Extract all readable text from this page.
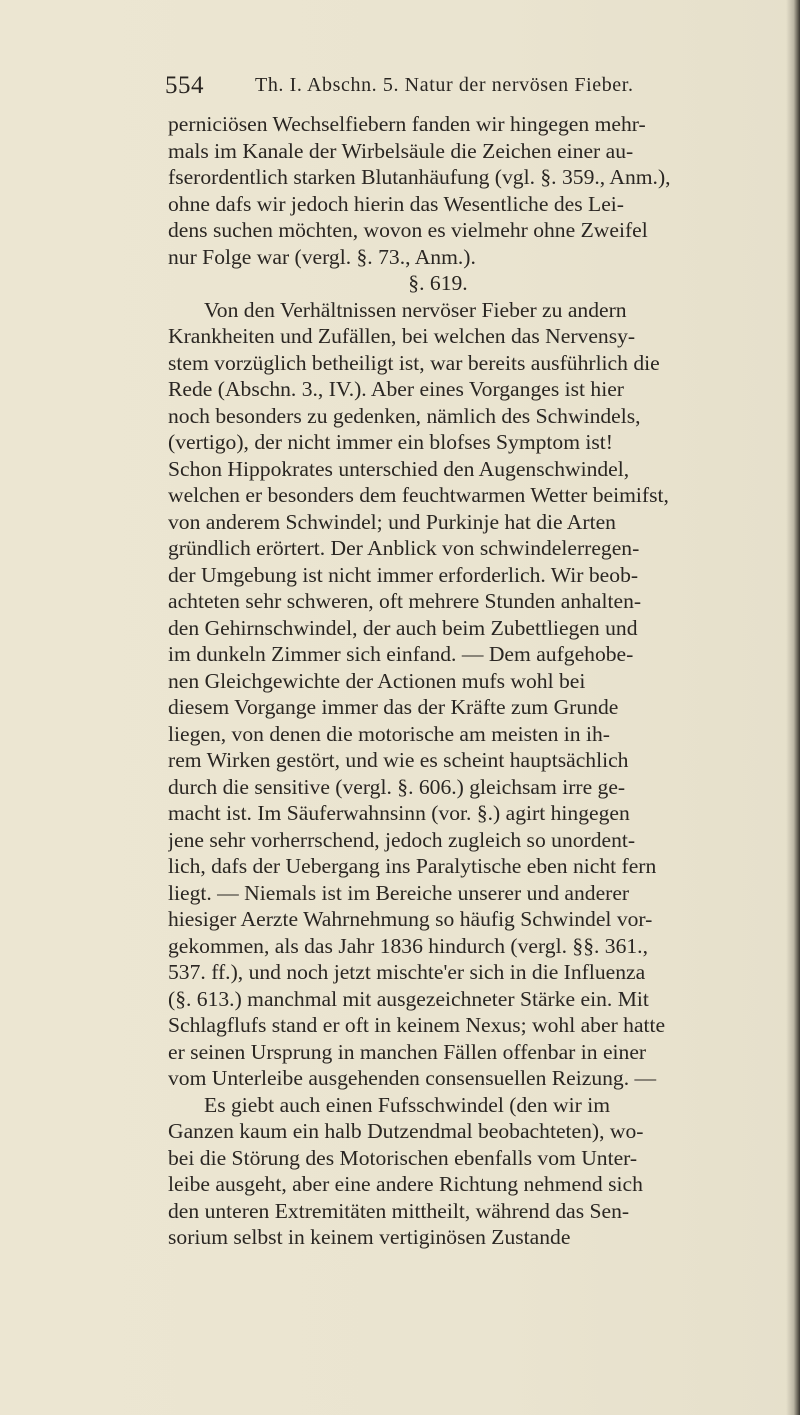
554	Th. I. Abschn. 5. Natur der nervösen Fieber.
perniciösen Wechselfiebern fanden wir hingegen mehr-
mals im Kanale der Wirbelsäule die Zeichen einer au-
fserordentlich starken Blutanhäufung (vgl. §. 359., Anm.),
ohne dafs wir jedoch hierin das Wesentliche des Lei-
dens suchen möchten, wovon es vielmehr ohne Zweifel
nur Folge war (vergl. §. 73., Anm.).
§. 619.
Von den Verhältnissen nervöser Fieber zu andern
Krankheiten und Zufällen, bei welchen das Nervensy-
stem vorzüglich betheiligt ist, war bereits ausführlich die
Rede (Abschn. 3., IV.). Aber eines Vorganges ist hier
noch besonders zu gedenken, nämlich des Schwindels,
(vertigo), der nicht immer ein blofses Symptom ist!
Schon Hippokrates unterschied den Augenschwindel,
welchen er besonders dem feuchtwarmen Wetter beimifst,
von anderem Schwindel; und Purkinje hat die Arten
gründlich erörtert. Der Anblick von schwindelerregen-
der Umgebung ist nicht immer erforderlich. Wir beob-
achteten sehr schweren, oft mehrere Stunden anhalten-
den Gehirnschwindel, der auch beim Zubettliegen und
im dunkeln Zimmer sich einfand. — Dem aufgehobe-
nen Gleichgewichte der Actionen mufs wohl bei
diesem Vorgange immer das der Kräfte zum Grunde
liegen, von denen die motorische am meisten in ih-
rem Wirken gestört, und wie es scheint hauptsächlich
durch die sensitive (vergl. §. 606.) gleichsam irre ge-
macht ist. Im Säuferwahnsinn (vor. §.) agirt hingegen
jene sehr vorherrschend, jedoch zugleich so unordent-
lich, dafs der Uebergang ins Paralytische eben nicht fern
liegt. — Niemals ist im Bereiche unserer und anderer
hiesiger Aerzte Wahrnehmung so häufig Schwindel vor-
gekommen, als das Jahr 1836 hindurch (vergl. §§. 361.,
537. ff.), und noch jetzt mischte'er sich in die Influenza
(§. 613.) manchmal mit ausgezeichneter Stärke ein. Mit
Schlagflufs stand er oft in keinem Nexus; wohl aber hatte
er seinen Ursprung in manchen Fällen offenbar in einer
vom Unterleibe ausgehenden consensuellen Reizung. —
Es giebt auch einen Fufsschwindel (den wir im
Ganzen kaum ein halb Dutzendmal beobachteten), wo-
bei die Störung des Motorischen ebenfalls vom Unter-
leibe ausgeht, aber eine andere Richtung nehmend sich
den unteren Extremitäten mittheilt, während das Sen-
sorium selbst in keinem vertiginösen Zustande
